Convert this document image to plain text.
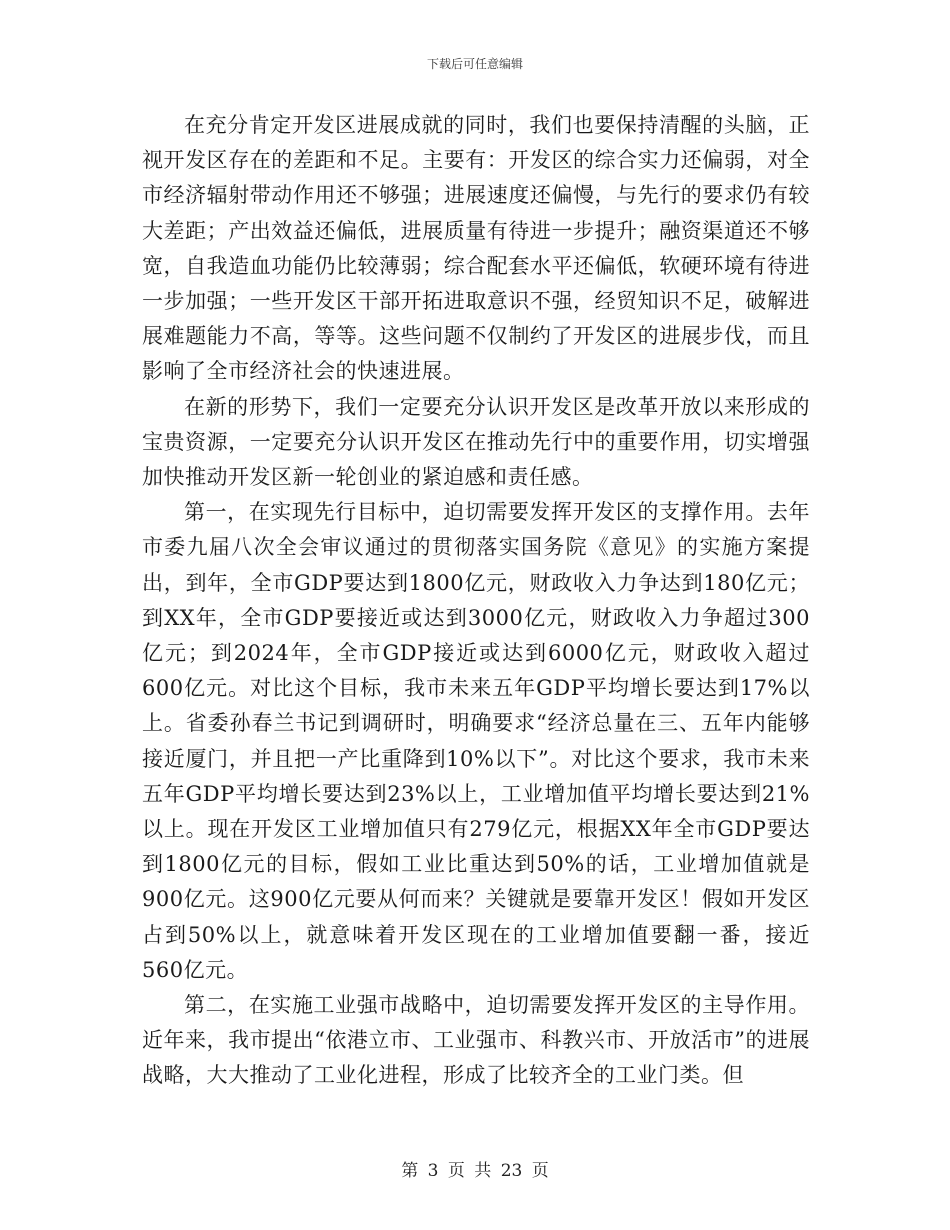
下载后可任意编辑

在充分肯定开发区进展成就的同时，我们也要保持清醒的头脑，正视开发区存在的差距和不足。主要有：开发区的综合实力还偏弱，对全市经济辐射带动作用还不够强；进展速度还偏慢，与先行的要求仍有较大差距；产出效益还偏低，进展质量有待进一步提升；融资渠道还不够宽，自我造血功能仍比较薄弱；综合配套水平还偏低，软硬环境有待进一步加强；一些开发区干部开拓进取意识不强，经贸知识不足，破解进展难题能力不高，等等。这些问题不仅制约了开发区的进展步伐，而且影响了全市经济社会的快速进展。

在新的形势下，我们一定要充分认识开发区是改革开放以来形成的宝贵资源，一定要充分认识开发区在推动先行中的重要作用，切实增强加快推动开发区新一轮创业的紧迫感和责任感。

第一，在实现先行目标中，迫切需要发挥开发区的支撑作用。去年市委九届八次全会审议通过的贯彻落实国务院《意见》的实施方案提出，到年，全市GDP要达到1800亿元，财政收入力争达到180亿元；到XX年，全市GDP要接近或达到3000亿元，财政收入力争超过300亿元；到2024年，全市GDP接近或达到6000亿元，财政收入超过600亿元。对比这个目标，我市未来五年GDP平均增长要达到17%以上。省委孙春兰书记到调研时，明确要求“经济总量在三、五年内能够接近厦门，并且把一产比重降到10%以下”。对比这个要求，我市未来五年GDP平均增长要达到23%以上，工业增加值平均增长要达到21%以上。现在开发区工业增加值只有279亿元，根据XX年全市GDP要达到1800亿元的目标，假如工业比重达到50%的话，工业增加值就是900亿元。这900亿元要从何而来？关键就是要靠开发区！假如开发区占到50%以上，就意味着开发区现在的工业增加值要翻一番，接近560亿元。

第二，在实施工业强市战略中，迫切需要发挥开发区的主导作用。近年来，我市提出“依港立市、工业强市、科教兴市、开放活市”的进展战略，大大推动了工业化进程，形成了比较齐全的工业门类。但

第 3 页 共 23 页
